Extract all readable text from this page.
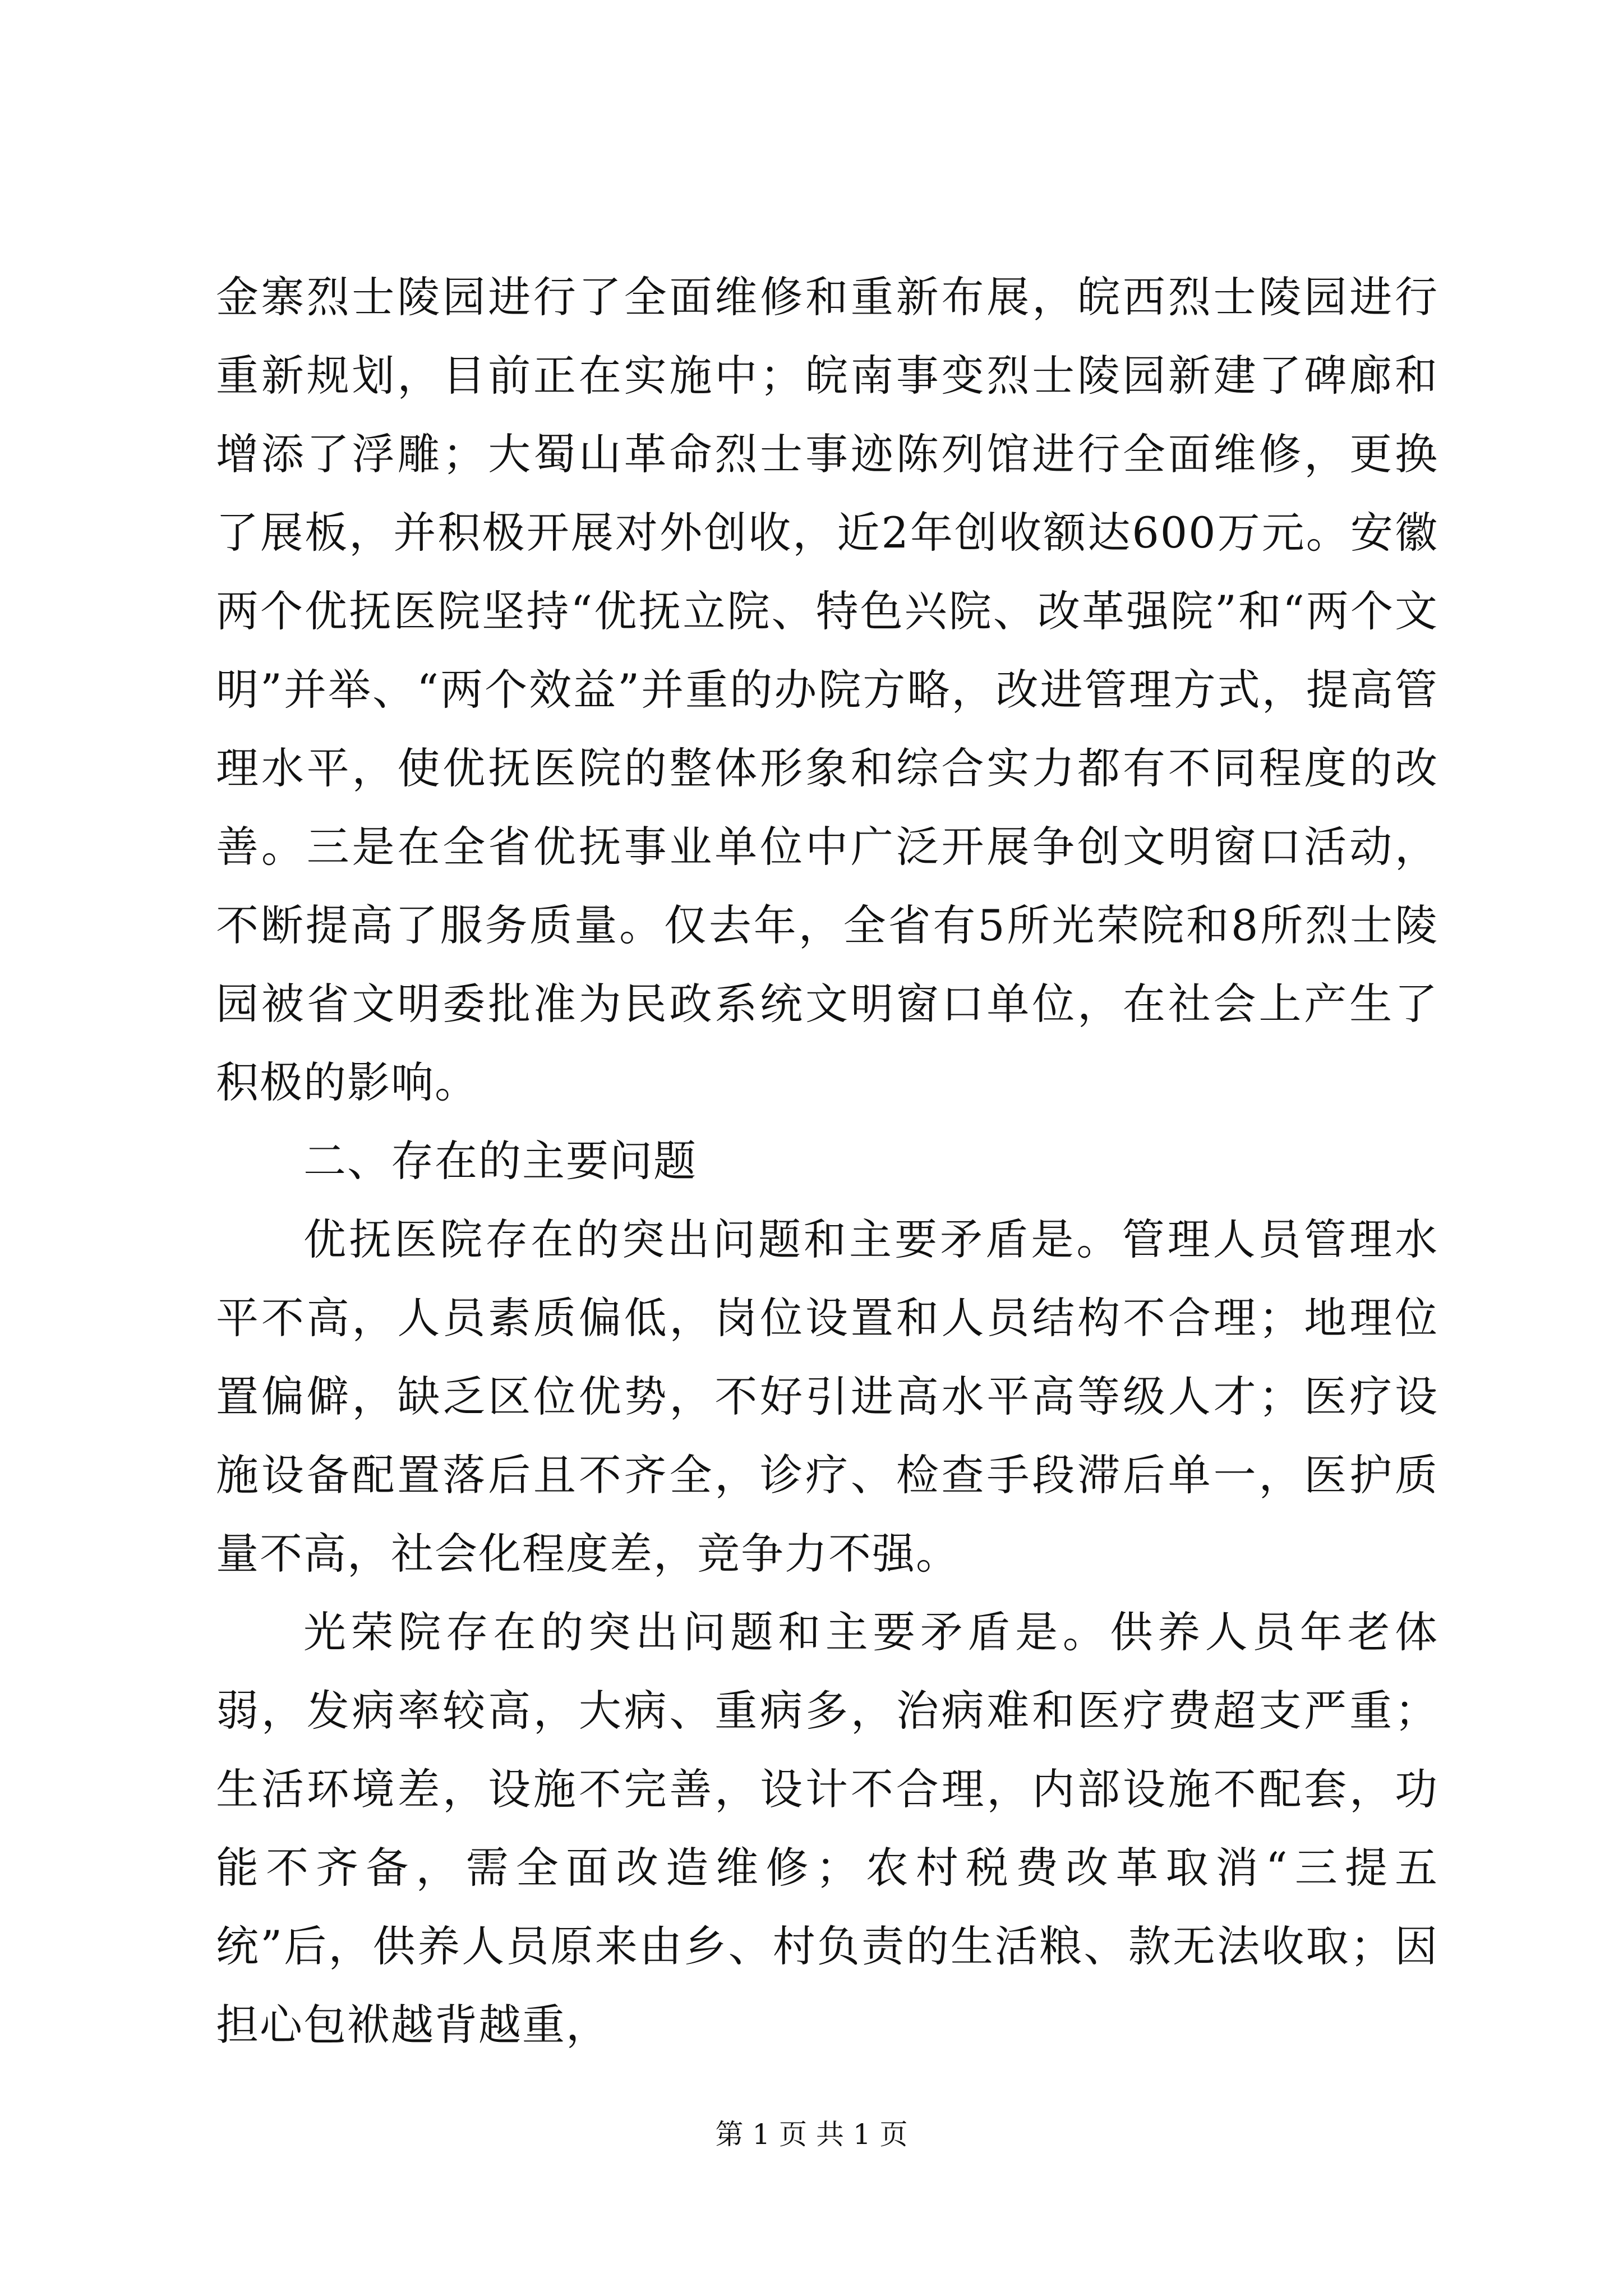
金寨烈士陵园进行了全面维修和重新布展，皖西烈士陵园进行重新规划，目前正在实施中；皖南事变烈士陵园新建了碑廊和增添了浮雕；大蜀山革命烈士事迹陈列馆进行全面维修，更换了展板，并积极开展对外创收，近2年创收额达600万元。安徽两个优抚医院坚持“优抚立院、特色兴院、改革强院”和“两个文明”并举、“两个效益”并重的办院方略，改进管理方式，提高管理水平，使优抚医院的整体形象和综合实力都有不同程度的改善。三是在全省优抚事业单位中广泛开展争创文明窗口活动，不断提高了服务质量。仅去年，全省有5所光荣院和8所烈士陵园被省文明委批准为民政系统文明窗口单位，在社会上产生了积极的影响。

二、存在的主要问题

优抚医院存在的突出问题和主要矛盾是。管理人员管理水平不高，人员素质偏低，岗位设置和人员结构不合理；地理位置偏僻，缺乏区位优势，不好引进高水平高等级人才；医疗设施设备配置落后且不齐全，诊疗、检查手段滞后单一，医护质量不高，社会化程度差，竞争力不强。

光荣院存在的突出问题和主要矛盾是。供养人员年老体弱，发病率较高，大病、重病多，治病难和医疗费超支严重；生活环境差，设施不完善，设计不合理，内部设施不配套，功能不齐备，需全面改造维修；农村税费改革取消“三提五统”后，供养人员原来由乡、村负责的生活粮、款无法收取；因担心包袱越背越重，

第 1 页 共 1 页
